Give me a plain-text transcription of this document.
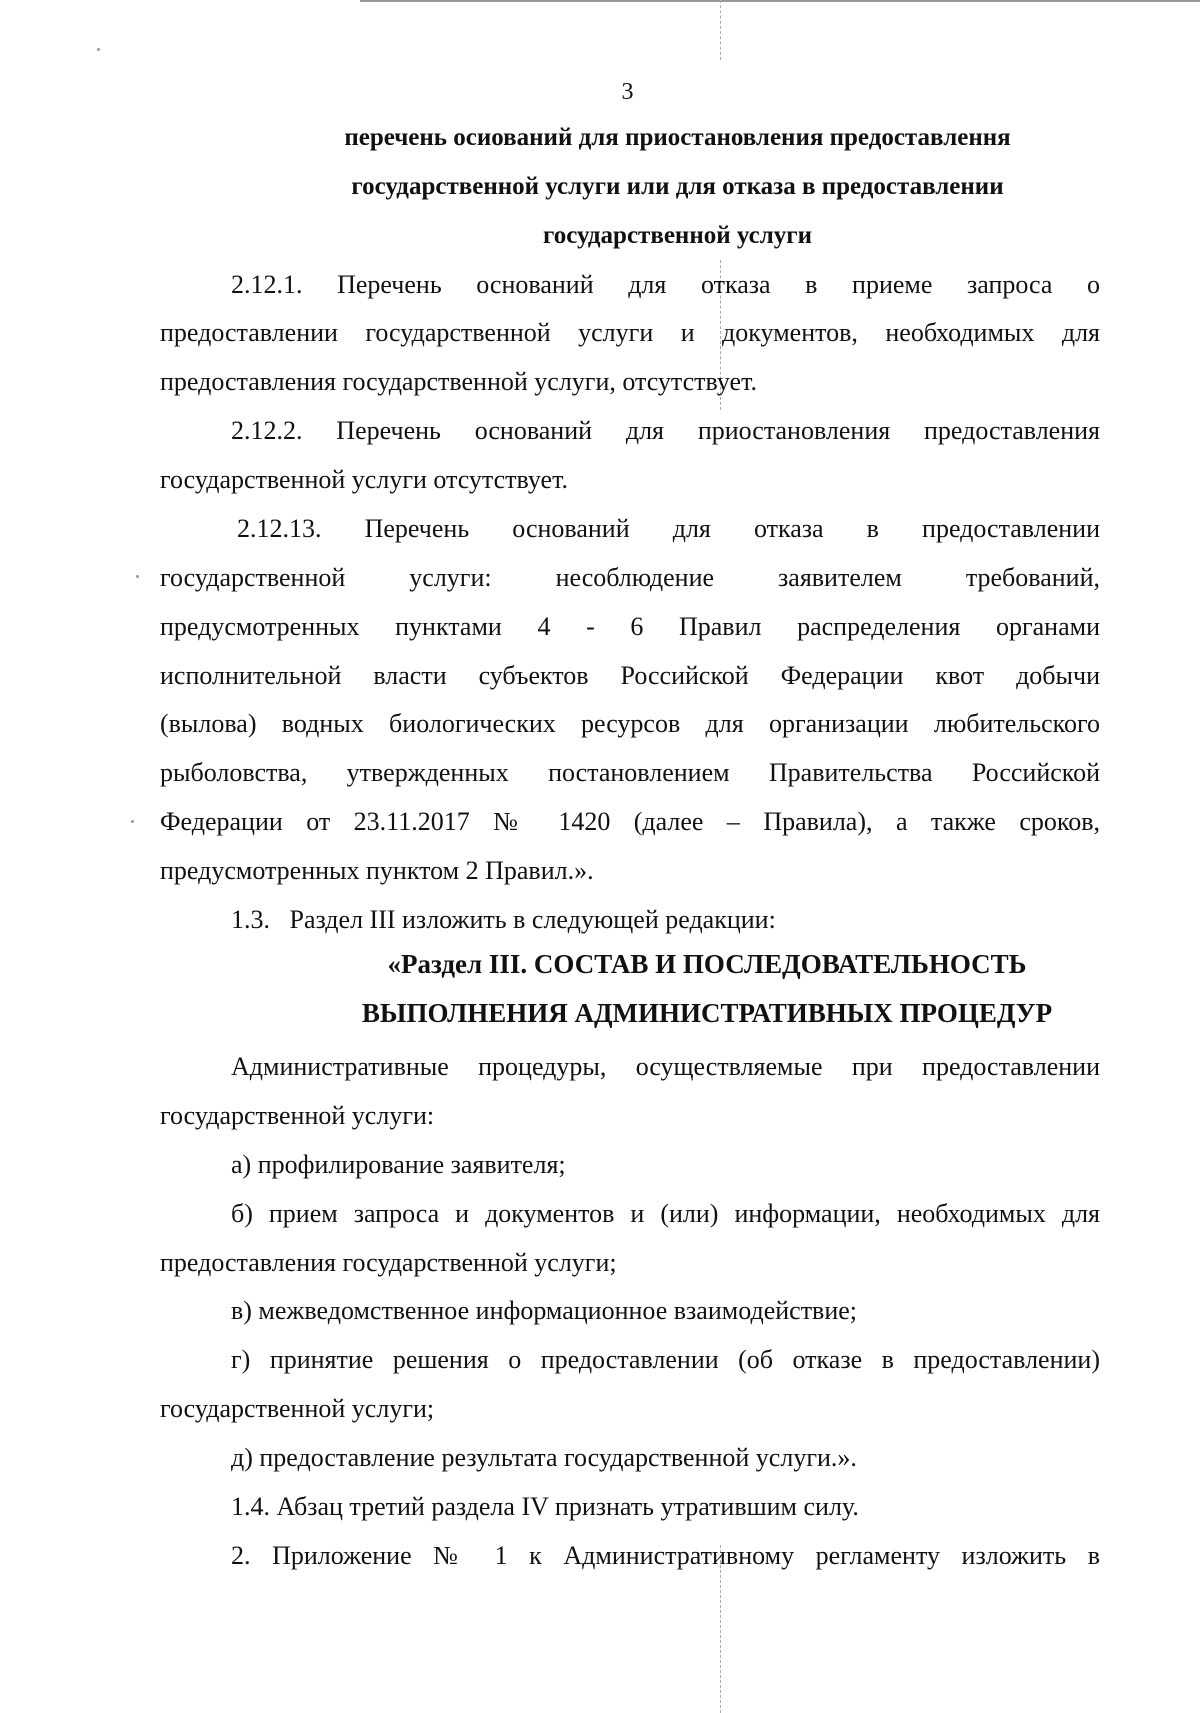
3
перечень осиований для приостановления предоставлення
государственной услуги или для отказа в предоставлении
государственной услуги
2.12.1. Перечень оснований для отказа в приеме запроса о
предоставлении государственной услуги и документов, необходимых для
предоставления государственной услуги, отсутствует.
2.12.2. Перечень оснований для приостановления предоставления
государственной услуги отсутствует.
2.12.13. Перечень оснований для отказа в предоставлении
государственной услуги: несоблюдение заявителем требований,
предусмотренных пунктами 4 - 6 Правил распределения органами
исполнительной власти субъектов Российской Федерации квот добычи
(вылова) водных биологических ресурсов для организации любительского
рыболовства, утвержденных постановлением Правительства Российской
Федерации от 23.11.2017 № 1420 (далее – Правила), а также сроков,
предусмотренных пунктом 2 Правил.».
1.3.   Раздел III изложить в следующей редакции:
«Раздел III. СОСТАВ И ПОСЛЕДОВАТЕЛЬНОСТЬ
ВЫПОЛНЕНИЯ АДМИНИСТРАТИВНЫХ ПРОЦЕДУР
Административные процедуры, осуществляемые при предоставлении
государственной услуги:
а) профилирование заявителя;
б) прием запроса и документов и (или) информации, необходимых для
предоставления государственной услуги;
в) межведомственное информационное взаимодействие;
г) принятие решения о предоставлении (об отказе в предоставлении)
государственной услуги;
д) предоставление результата государственной услуги.».
1.4. Абзац третий раздела IV признать утратившим силу.
2. Приложение № 1 к Административному регламенту изложить в
